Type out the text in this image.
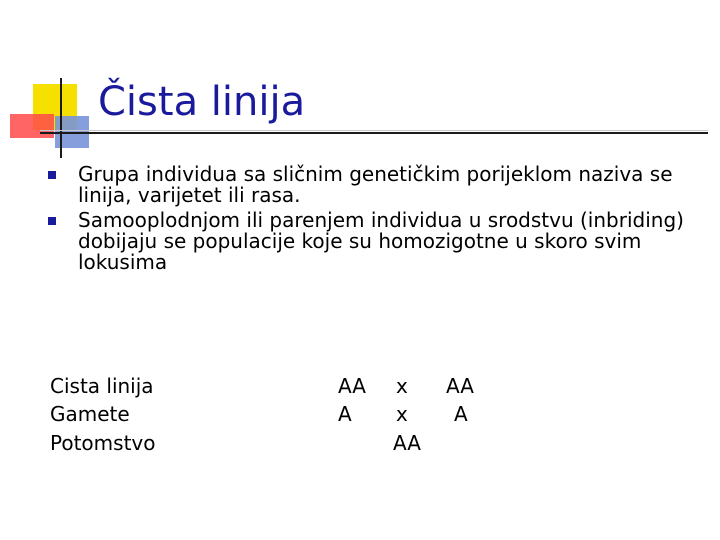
Čista linija
Grupa individua sa sličnim genetičkim porijeklom naziva se linija, varijetet ili rasa.
Samooplodnjom ili parenjem individua u srodstvu (inbriding) dobijaju se populacije koje su homozigotne u skoro svim lokusima
Cista linija
Gamete
Potomstvo
AA x AA
A x A
AA
